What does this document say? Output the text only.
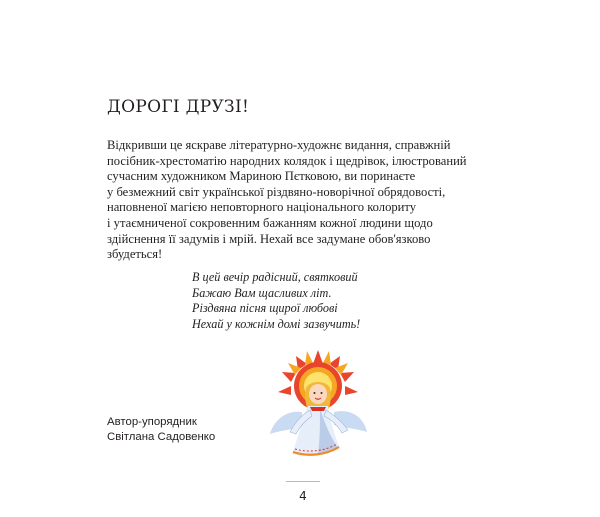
ДОРОГІ ДРУЗІ!

Відкривши це яскраве літературно-художнє видання, справжній
посібник-хрестоматію народних колядок і щедрівок, ілюстрований
сучасним художником Мариною Пєтковою, ви поринаєте
у безмежний світ української різдвяно-новорічної обрядовості,
наповненої магією неповторного національного колориту
і утаємниченої сокровенним бажанням кожної людини щодо
здійснення її задумів і мрій. Нехай все задумане обов'язково
збудеться!

В цей вечір радісний, святковий
Бажаю Вам щасливих літ.
Різдвяна пісня щирої любові
Нехай у кожнім домі зазвучить!

Автор-упорядник
Світлана Садовенко
4
